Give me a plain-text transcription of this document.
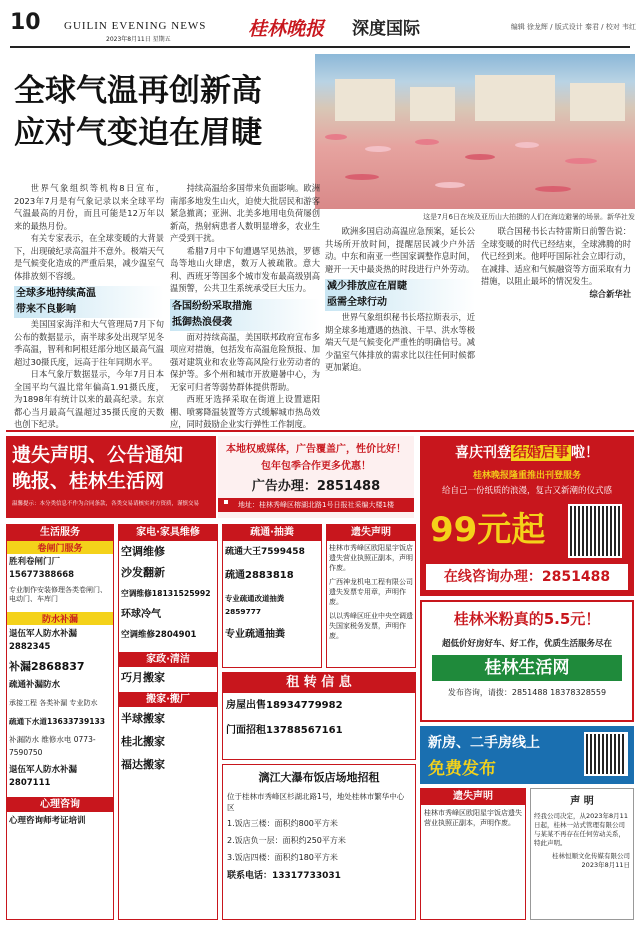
10 GUILIN EVENING NEWS
2023年8月11日 星期五	桂林晚报 深度国际	编辑 徐龙辉 / 版式设计 秦君 / 校对 韦红
全球气温再创新高
应对气变迫在眉睫
这是7月6日在埃及亚历山大拍摄的人们在海边避暑的场景。新华社发

世界气象组织等机构8日宣布，2023年7月是有气象记录以来全球平均气温最高的月份，而且可能是12万年以来的最热月份。

有关专家表示，在全球变暖的大背景下，出现破纪录高温并不意外。极端天气是气候变化造成的严重后果，减少温室气体排放刻不容缓。

全球多地持续高温
带来不良影响

美国国家海洋和大气管理局7月下旬公布的数据显示，南半球多处出现罕见冬季高温，智利和阿根廷部分地区最高气温超过30摄氏度，远高于往年同期水平。

日本气象厅数据显示，今年7月日本全国平均气温比常年偏高1.91摄氏度，为1898年有统计以来的最高纪录。东京都心当月最高气温超过35摄氏度的天数也创下纪录。

持续高温给多国带来负面影响。欧洲南部多地发生山火，迫使大批居民和游客紧急撤离；亚洲、北美多地用电负荷屡创新高，热射病患者人数明显增多，农业生产受到干扰。

希腊7月中下旬遭遇罕见热浪，罗德岛等地山火肆虐，数万人被疏散。意大利、西班牙等国多个城市发布最高级别高温预警，公共卫生系统承受巨大压力。

各国纷纷采取措施
抵御热浪侵袭

面对持续高温，美国联邦政府宣布多项应对措施，包括发布高温危险预报、加强对建筑业和农业等高风险行业劳动者的保护等。多个州和城市开放避暑中心，为无家可归者等弱势群体提供帮助。

西班牙选择采取在街道上设置遮阳棚、喷雾降温装置等方式缓解城市热岛效应，同时鼓励企业实行弹性工作制度。

欧洲多国启动高温应急预案，延长公共场所开放时间，提醒居民减少户外活动。中东和南亚一些国家调整作息时间，避开一天中最炎热的时段进行户外劳动。

减少排放应在眉睫
亟需全球行动

世界气象组织秘书长塔拉斯表示，近期全球多地遭遇的热浪、干旱、洪水等极端天气是气候变化严重性的明确信号。减少温室气体排放的需求比以往任何时候都更加紧迫。

联合国秘书长古特雷斯日前警告说：全球变暖的时代已经结束，全球沸腾的时代已经到来。他呼吁国际社会立即行动，在减排、适应和气候融资等方面采取有力措施，以阻止最坏的情况发生。

综合新华社

遗失声明、公告通知
晚报、桂林生活网
温馨提示：本分类信息不作为合同条款，各类交易请核实对方资质，谨慎交易
本地权威媒体，广告覆盖广，性价比好！
包年包季合作更多优惠！
广告办理：2851488
地址：桂林秀峰区榕湖北路1号日报社采编大楼1楼
喜庆刊登 结婚启事 啦！
桂林晚报隆重推出刊登服务
给自己一份纸质的浪漫，复古又新潮的仪式感
99元起
在线咨询办理：2851488
生活服务
卷闸门服务
胜利卷闸门厂15677388668
专业制作安装修理各类卷闸门、电动门、车库门
防水补漏
退伍军人防水补漏2882345
补漏2868837
疏通补漏防水
承接工程 各类补漏 专业防水
疏通下水道13633739133
补漏防水 维修水电 0773-7590750
退伍军人防水补漏2807111
心理咨询
心理咨询师考证培训
家电·家具维修
空调维修
沙发翻新
空调维修18131525992
环球冷气
空调维修2804901
家政·清洁
巧月搬家
搬家·搬厂
半球搬家
桂北搬家
福达搬家
疏通·抽粪
疏通大王7599458
疏通2883818
专业疏通改道抽粪2859777
专业疏通抽粪
遗失声明
桂林市秀峰区欧阳星宇饭店遗失营业执照正副本，声明作废。
广西神龙机电工程有限公司遗失发票专用章，声明作废。
以以秀峰区旺业中央空调遗失国家税务发票，声明作废。
租 转 信 息
房屋出售18934779982
门面招租13788567161
漓江大瀑布饭店场地招租
位于桂林市秀峰区杉湖北路1号，地处桂林市繁华中心区
1.饭店三楼：面积约800平方米
2.饭店负一层：面积约250平方米
3.饭店四楼：面积约180平方米
联系电话：13317733031
桂林米粉真的5.5元！
超低价好房好车、好工作，优质生活服务尽在
桂林生活网
发布咨询，请拨：2851488 18378328559
新房、二手房线上
免费发布
遗失声明
桂林市秀峰区欧阳星宇饭店遗失营业执照正副本，声明作废。
声 明
经我公司决定，从2023年8月11日起，桂林一站式管理有限公司与某某不再存在任何劳动关系，特此声明。
桂林恒顺文化传媒有限公司 2023年8月11日
